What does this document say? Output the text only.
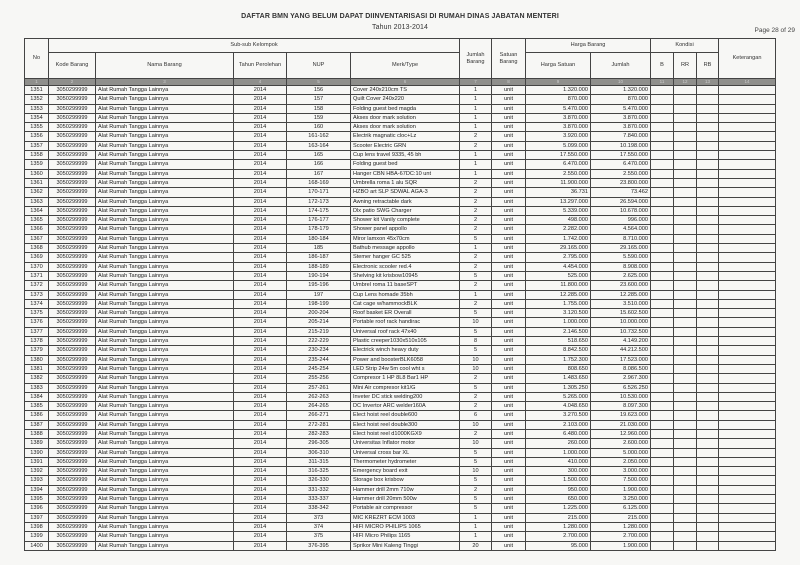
DAFTAR BMN YANG BELUM DAPAT DIINVENTARISASI DI RUMAH DINAS JABATAN MENTERI
Tahun 2013-2014	Page 28 of 29
No	Sub-sub Kelompok					Jumlah Barang	Satuan Barang	Harga Barang		Kondisi			Keterangan
	Kode Barang	Nama Barang	Tahun Perolehan	NUP	Merk/Type			Harga Satuan	Jumlah	B	RR	RB	
1	2	3	4	5	6	7	8	9	10	11	12	13	14
1351	3050299999	Alat Rumah Tangga Lainnya	2014	156	Cover 240x210cm TS	1	unit	1.320.000	1.320.000				
1352	3050299999	Alat Rumah Tangga Lainnya	2014	157	Quilt Cover 240x220	1	unit	870.000	870.000				
1353	3050299999	Alat Rumah Tangga Lainnya	2014	158	Folding guest bed magda	1	unit	5.470.000	5.470.000				
1354	3050299999	Alat Rumah Tangga Lainnya	2014	159	Akses door mark solution	1	unit	3.870.000	3.870.000				
1355	3050299999	Alat Rumah Tangga Lainnya	2014	160	Akses door mark solution	1	unit	3.870.000	3.870.000				
1356	3050299999	Alat Rumah Tangga Lainnya	2014	161-162	Electrik magnatic cloc+Lz	2	unit	3.920.000	7.840.000				
1357	3050299999	Alat Rumah Tangga Lainnya	2014	163-164	Scooter Electric GRN	2	unit	5.099.000	10.198.000				
1358	3050299999	Alat Rumah Tangga Lainnya	2014	165	Cup lens travel 9335, 45 bh	1	unit	17.550.000	17.550.000				
1359	3050299999	Alat Rumah Tangga Lainnya	2014	166	Folding guest bed	1	unit	6.470.000	6.470.000				
1360	3050299999	Alat Rumah Tangga Lainnya	2014	167	Hanger CBN HBA-67DC:10 unt	1	unit	2.550.000	2.550.000				
1361	3050299999	Alat Rumah Tangga Lainnya	2014	168-169	Umbrella roma 1 alu SQR	2	unit	11.900.000	23.800.000				
1362	3050299999	Alat Rumah Tangga Lainnya	2014	170-171	HZBO art SLP SDWAL AGA-3	2	unit	36.731	73.462				
1363	3050299999	Alat Rumah Tangga Lainnya	2014	172-173	Awning retractable dark	2	unit	13.297.000	26.594.000				
1364	3050299999	Alat Rumah Tangga Lainnya	2014	174-175	Dlx patio SWG Charger	2	unit	5.339.000	10.678.000				
1365	3050299999	Alat Rumah Tangga Lainnya	2014	176-177	Shower kit Vanily complete	2	unit	498.000	996.000				
1366	3050299999	Alat Rumah Tangga Lainnya	2014	178-179	Shower panel appollo	2	unit	2.282.000	4.564.000				
1367	3050299999	Alat Rumah Tangga Lainnya	2014	180-184	Miror lamxon 45x70cm	5	unit	1.742.000	8.710.000				
1368	3050299999	Alat Rumah Tangga Lainnya	2014	185	Bathub message appollo	1	unit	29.165.000	29.165.000				
1369	3050299999	Alat Rumah Tangga Lainnya	2014	186-187	Stemer hanger GC 525	2	unit	2.795.000	5.590.000				
1370	3050299999	Alat Rumah Tangga Lainnya	2014	188-189	Electronic scooler red.4	2	unit	4.454.000	8.908.000				
1371	3050299999	Alat Rumah Tangga Lainnya	2014	190-194	Shelving kit krisbow10945	5	unit	525.000	2.625.000				
1372	3050299999	Alat Rumah Tangga Lainnya	2014	195-196	Umbrel roma 11 baseSPT	2	unit	11.800.000	23.600.000				
1373	3050299999	Alat Rumah Tangga Lainnya	2014	197	Cup Lens homade 35bh	1	unit	12.285.000	12.285.000				
1374	3050299999	Alat Rumah Tangga Lainnya	2014	198-199	Cat cage w/hammockBLK	2	unit	1.755.000	3.510.000				
1375	3050299999	Alat Rumah Tangga Lainnya	2014	200-204	Roof basket ER Overall	5	unit	3.120.500	15.602.500				
1376	3050299999	Alat Rumah Tangga Lainnya	2014	205-214	Portable roof rack handirac	10	unit	1.000.000	10.000.000				
1377	3050299999	Alat Rumah Tangga Lainnya	2014	215-219	Universal roof rack 47x40	5	unit	2.146.500	10.732.500				
1378	3050299999	Alat Rumah Tangga Lainnya	2014	222-229	Plastic creeper1030x510x105	8	unit	518.650	4.149.200				
1379	3050299999	Alat Rumah Tangga Lainnya	2014	230-234	Electrick winch heavy duty	5	unit	8.842.500	44.212.500				
1380	3050299999	Alat Rumah Tangga Lainnya	2014	235-244	Power and boosterBLK6058	10	unit	1.752.300	17.523.000				
1381	3050299999	Alat Rumah Tangga Lainnya	2014	245-254	LED Strip 24w 5m cool wht s	10	unit	808.650	8.086.500				
1382	3050299999	Alat Rumah Tangga Lainnya	2014	255-256	Compresor 1 HP 8L8 Bar1 HP	2	unit	1.483.650	2.967.300				
1383	3050299999	Alat Rumah Tangga Lainnya	2014	257-261	Mini Air compresor kit1/G	5	unit	1.305.250	6.526.250				
1384	3050299999	Alat Rumah Tangga Lainnya	2014	262-263	Inveter DC stick welding200	2	unit	5.265.000	10.530.000				
1385	3050299999	Alat Rumah Tangga Lainnya	2014	264-265	DC Invertor ARC welder160A	2	unit	4.048.650	8.097.300				
1386	3050299999	Alat Rumah Tangga Lainnya	2014	266-271	Elect hoist reel double600	6	unit	3.270.500	19.623.000				
1387	3050299999	Alat Rumah Tangga Lainnya	2014	272-281	Elect hoist reel double300	10	unit	2.103.000	21.030.000				
1388	3050299999	Alat Rumah Tangga Lainnya	2014	282-283	Elect hoist reel d1000KGX9	2	unit	6.480.000	12.960.000				
1389	3050299999	Alat Rumah Tangga Lainnya	2014	296-305	Universitas Inflator motor	10	unit	260.000	2.600.000				
1390	3050299999	Alat Rumah Tangga Lainnya	2014	306-310	Universal cross bar XL	5	unit	1.000.000	5.000.000				
1391	3050299999	Alat Rumah Tangga Lainnya	2014	311-315	Thermometer hydrometer	5	unit	410.000	2.050.000				
1392	3050299999	Alat Rumah Tangga Lainnya	2014	316-325	Emergency board exit	10	unit	300.000	3.000.000				
1393	3050299999	Alat Rumah Tangga Lainnya	2014	326-330	Storage box krisbow	5	unit	1.500.000	7.500.000				
1394	3050299999	Alat Rumah Tangga Lainnya	2014	331-332	Hammer drill 2mm 710w	2	unit	950.000	1.900.000				
1395	3050299999	Alat Rumah Tangga Lainnya	2014	333-337	Hammer drill 20mm 500w	5	unit	650.000	3.250.000				
1396	3050299999	Alat Rumah Tangga Lainnya	2014	338-342	Portable air compressor	5	unit	1.225.000	6.125.000				
1397	3050299999	Alat Rumah Tangga Lainnya	2014	373	MIC KREZRT ECM 1003	1	unit	215.000	215.000				
1398	3050299999	Alat Rumah Tangga Lainnya	2014	374	HIFI MICRO PHILIPS 1065	1	unit	1.280.000	1.280.000				
1399	3050299999	Alat Rumah Tangga Lainnya	2014	375	HIFI Micro Philips 1165	1	unit	2.700.000	2.700.000				
1400	3050299999	Alat Rumah Tangga Lainnya	2014	376-395	Sprikor Mini Kaleng Tinggi	20	unit	95.000	1.900.000				
